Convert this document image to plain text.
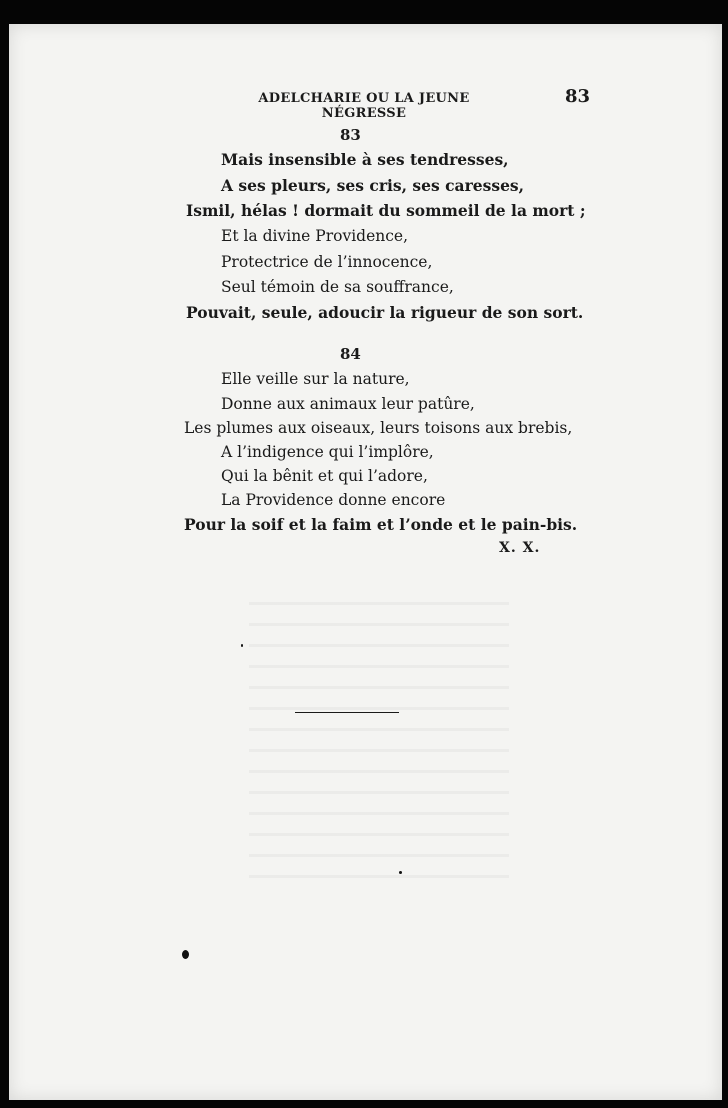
ADELCHARIE OU LA JEUNE NÉGRESSE
83
83
Mais insensible à ses tendresses,
A ses pleurs, ses cris, ses caresses,
Ismil, hélas ! dormait du sommeil de la mort ;
Et la divine Providence,
Protectrice de l’innocence,
Seul témoin de sa souffrance,
Pouvait, seule, adoucir la rigueur de son sort.
84
Elle veille sur la nature,
Donne aux animaux leur patûre,
Les plumes aux oiseaux, leurs toisons aux brebis,
A l’indigence qui l’implôre,
Qui la bênit et qui l’adore,
La Providence donne encore
Pour la soif et la faim et l’onde et le pain-bis.
X. X.
